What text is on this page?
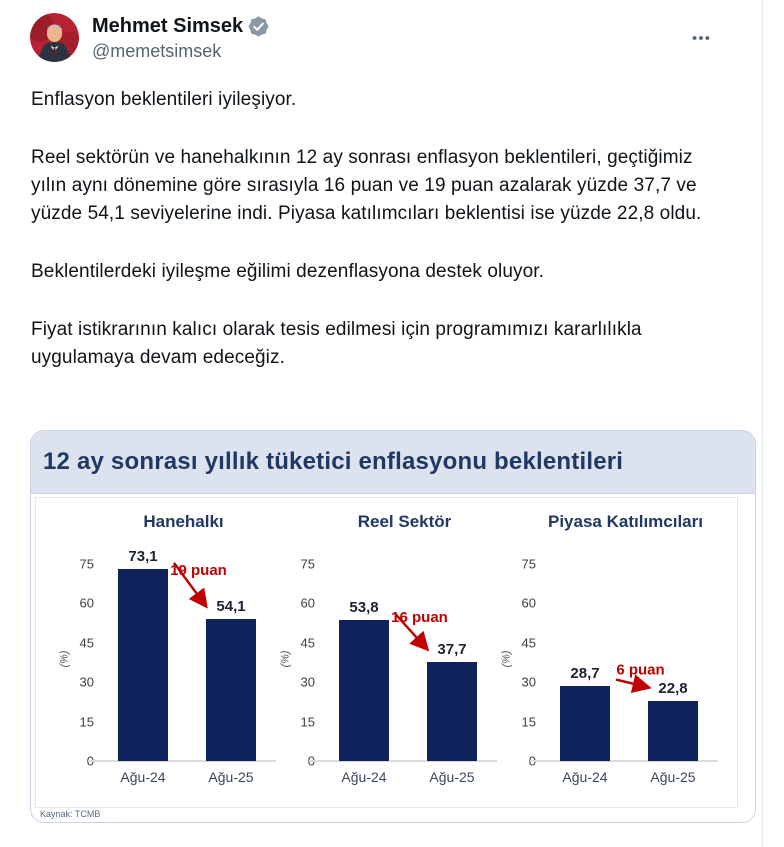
Mehmet Simsek
@memetsimsek

Enflasyon beklentileri iyileşiyor.

Reel sektörün ve hanehalkının 12 ay sonrası enflasyon beklentileri, geçtiğimiz yılın aynı dönemine göre sırasıyla 16 puan ve 19 puan azalarak yüzde 37,7 ve yüzde 54,1 seviyelerine indi. Piyasa katılımcıları beklentisi ise yüzde 22,8 oldu.

Beklentilerdeki iyileşme eğilimi dezenflasyona destek oluyor.

Fiyat istikrarının kalıcı olarak tesis edilmesi için programımızı kararlılıkla uygulamaya devam edeceğiz.

12 ay sonrası yıllık tüketici enflasyonu beklentileri
Hanehalkı
(%)
75
60
45
30
15
73,1
Ağu-24
54,1
Ağu-25
19 puan
Reel Sektör
(%)
75
60
45
30
15
53,8
Ağu-24
37,7
Ağu-25
16 puan
Piyasa Katılımcıları
(%)
75
60
45
30
15
28,7
Ağu-24
22,8
Ağu-25
6 puan
Kaynak: TCMB
